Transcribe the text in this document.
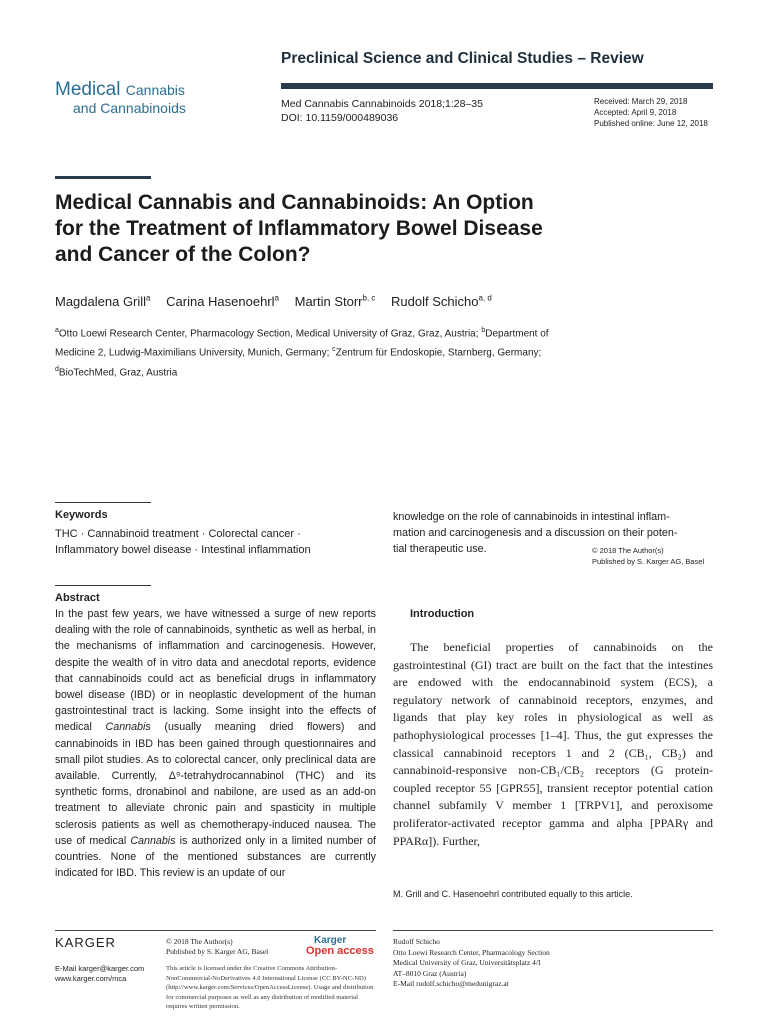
Preclinical Science and Clinical Studies – Review
Medical Cannabis
and Cannabinoids	Med Cannabis Cannabinoids 2018;1:28–35
DOI: 10.1159/000489036
Received: March 29, 2018
Accepted: April 9, 2018
Published online: June 12, 2018
Medical Cannabis and Cannabinoids: An Option
for the Treatment of Inflammatory Bowel Disease
and Cancer of the Colon?
Magdalena Grill$^a$ Carina Hasenoehrl$^a$ Martin Storr$^{b, c}$ Rudolf Schicho$^{a, d}$
$^a$Otto Loewi Research Center, Pharmacology Section, Medical University of Graz, Graz, Austria; $^b$Department of Medicine 2, Ludwig-Maximilians University, Munich, Germany; $^c$Zentrum für Endoskopie, Starnberg, Germany; $^d$BioTechMed, Graz, Austria
Keywords
THC · Cannabinoid treatment · Colorectal cancer ·
Inflammatory bowel disease · Intestinal inflammation
knowledge on the role of cannabinoids in intestinal inflam-
mation and carcinogenesis and a discussion on their poten-
tial therapeutic use.	© 2018 The Author(s)
Published by S. Karger AG, Basel
Abstract
In the past few years, we have witnessed a surge of new reports dealing with the role of cannabinoids, synthetic as well as herbal, in the mechanisms of inflammation and carcinogenesis. However, despite the wealth of in vitro data and anecdotal reports, evidence that cannabinoids could act as beneficial drugs in inflammatory bowel disease (IBD) or in neoplastic development of the human gastrointestinal tract is lacking. Some insight into the effects of medical Cannabis (usually meaning dried flowers) and cannabinoids in IBD has been gained through questionnaires and small pilot studies. As to colorectal cancer, only preclinical data are available. Currently, Δ⁹-tetrahydrocannabinol (THC) and its synthetic forms, dronabinol and nabilone, are used as an add-on treatment to alleviate chronic pain and spasticity in multiple sclerosis patients as well as chemotherapy-induced nausea. The use of medical Cannabis is authorized only in a limited number of countries. None of the mentioned substances are currently indicated for IBD. This review is an update of our
Introduction
The beneficial properties of cannabinoids on the gastrointestinal (GI) tract are built on the fact that the intestines are endowed with the endocannabinoid system (ECS), a regulatory network of cannabinoid receptors, enzymes, and ligands that play key roles in physiological as well as pathophysiological processes [1–4]. Thus, the gut expresses the classical cannabinoid receptors 1 and 2 (CB₁, CB₂) and cannabinoid-responsive non-CB₁/CB₂ receptors (G protein-coupled receptor 55 [GPR55], transient receptor potential cation channel subfamily V member 1 [TRPV1], and peroxisome proliferator-activated receptor gamma and alpha [PPARγ and PPARα]). Further,
M. Grill and C. Hasenoehrl contributed equally to this article.
KARGER
E-Mail karger@karger.com
www.karger.com/mca
© 2018 The Author(s)
Published by S. Karger AG, Basel
Karger
Open access
This article is licensed under the Creative Commons Attribution-NonCommercial-NoDerivatives 4.0 International License (CC BY-NC-ND) (http://www.karger.com/Services/OpenAccessLicense). Usage and distribution for commercial purposes as well as any distribution of modified material requires written permission.
Rudolf Schicho
Otto Loewi Research Center, Pharmacology Section
Medical University of Graz, Universitätsplatz 4/I
AT–8010 Graz (Austria)
E-Mail rudolf.schicho@medunigraz.at
